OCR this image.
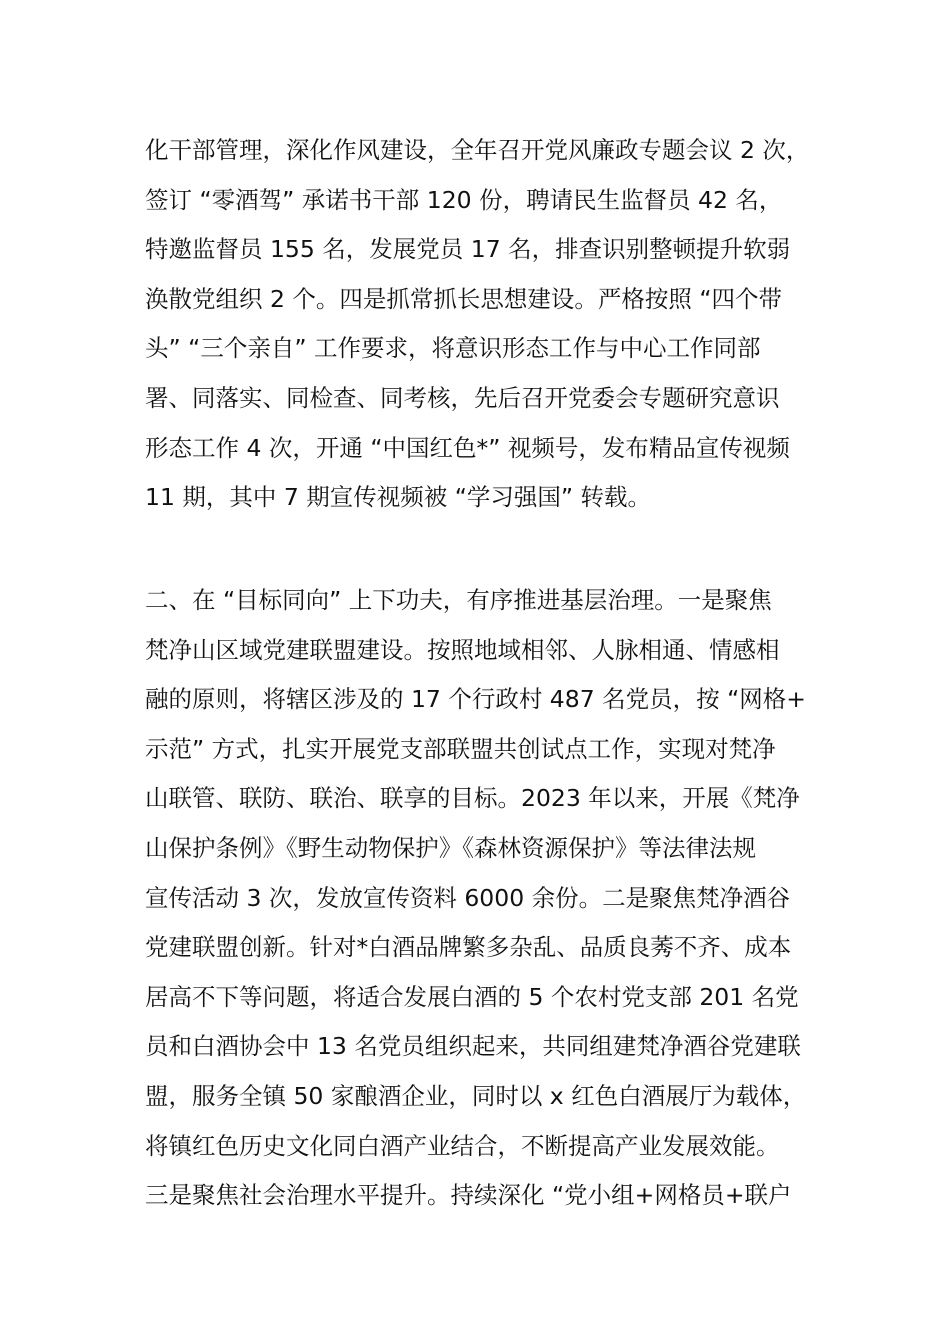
化干部管理，深化作风建设，全年召开党风廉政专题会议 2 次，
签订 “零酒驾” 承诺书干部 120 份，聘请民生监督员 42 名，
特邀监督员 155 名，发展党员 17 名，排查识别整顿提升软弱
涣散党组织 2 个。四是抓常抓长思想建设。严格按照 “四个带
头” “三个亲自” 工作要求，将意识形态工作与中心工作同部
署、同落实、同检查、同考核，先后召开党委会专题研究意识
形态工作 4 次，开通 “中国红色*” 视频号，发布精品宣传视频
11 期，其中 7 期宣传视频被 “学习强国” 转载。
二、在 “目标同向” 上下功夫，有序推进基层治理。一是聚焦
梵净山区域党建联盟建设。按照地域相邻、人脉相通、情感相
融的原则，将辖区涉及的 17 个行政村 487 名党员，按 “网格+
示范” 方式，扎实开展党支部联盟共创试点工作，实现对梵净
山联管、联防、联治、联享的目标。2023 年以来，开展《梵净
山保护条例》《野生动物保护》《森林资源保护》等法律法规
宣传活动 3 次，发放宣传资料 6000 余份。二是聚焦梵净酒谷
党建联盟创新。针对*白酒品牌繁多杂乱、品质良莠不齐、成本
居高不下等问题，将适合发展白酒的 5 个农村党支部 201 名党
员和白酒协会中 13 名党员组织起来，共同组建梵净酒谷党建联
盟，服务全镇 50 家酿酒企业，同时以 x 红色白酒展厅为载体，
将镇红色历史文化同白酒产业结合，不断提高产业发展效能。
三是聚焦社会治理水平提升。持续深化 “党小组+网格员+联户
